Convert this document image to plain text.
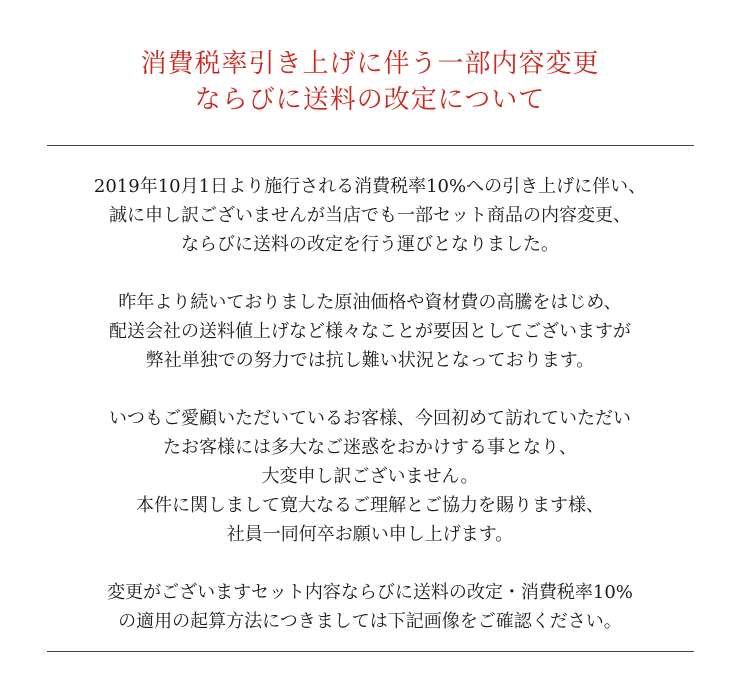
消費税率引き上げに伴う一部内容変更
ならびに送料の改定について

2019年10月1日より施行される消費税率10%への引き上げに伴い、
誠に申し訳ございませんが当店でも一部セット商品の内容変更、
ならびに送料の改定を行う運びとなりました。

昨年より続いておりました原油価格や資材費の高騰をはじめ、
配送会社の送料値上げなど様々なことが要因としてございますが
弊社単独での努力では抗し難い状況となっております。

いつもご愛顧いただいているお客様、今回初めて訪れていただい
たお客様には多大なご迷惑をおかけする事となり、
大変申し訳ございません。
本件に関しまして寛大なるご理解とご協力を賜ります様、
社員一同何卒お願い申し上げます。

変更がございますセット内容ならびに送料の改定・消費税率10%
の適用の起算方法につきましては下記画像をご確認ください。
